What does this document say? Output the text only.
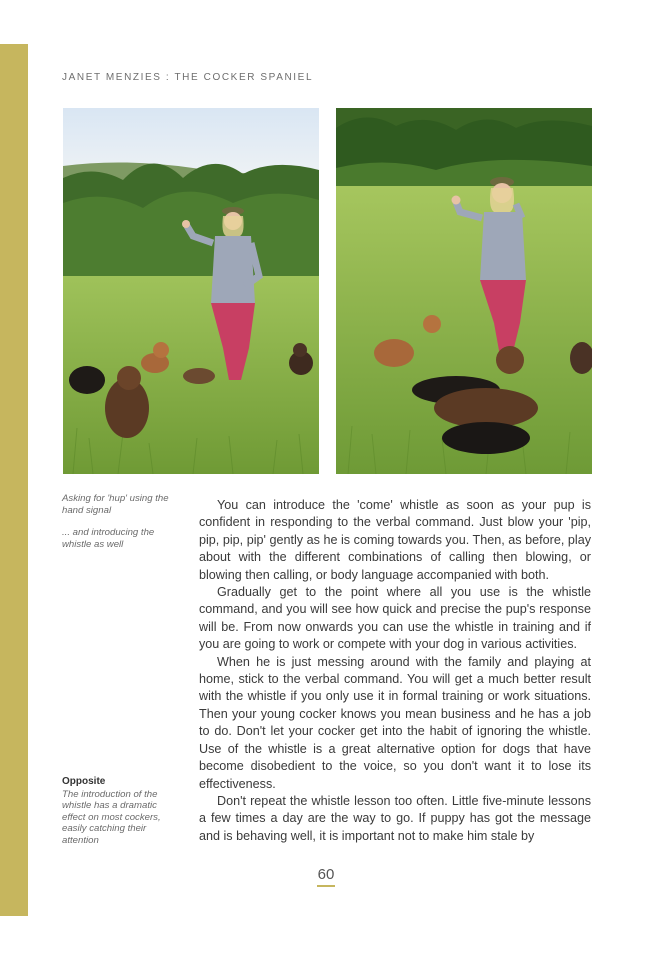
JANET MENZIES : THE COCKER SPANIEL
Asking for 'hup' using the hand signal
... and introducing the whistle as well
Opposite
The introduction of the whistle has a dramatic effect on most cockers, easily catching their attention

You can introduce the 'come' whistle as soon as your pup is confident in responding to the verbal command. Just blow your 'pip, pip, pip, pip' gently as he is coming towards you. Then, as before, play about with the different combinations of calling then blowing, or blowing then calling, or body language accompanied with both.

Gradually get to the point where all you use is the whistle command, and you will see how quick and precise the pup's response will be. From now onwards you can use the whistle in training and if you are going to work or compete with your dog in various activities.

When he is just messing around with the family and playing at home, stick to the verbal command. You will get a much better result with the whistle if you only use it in formal training or work situations. Then your young cocker knows you mean business and he has a job to do. Don't let your cocker get into the habit of ignoring the whistle. Use of the whistle is a great alternative option for dogs that have become disobedient to the voice, so you don't want it to lose its effectiveness.

Don't repeat the whistle lesson too often. Little five-minute lessons a few times a day are the way to go. If puppy has got the message and is behaving well, it is important not to make him stale by

60
